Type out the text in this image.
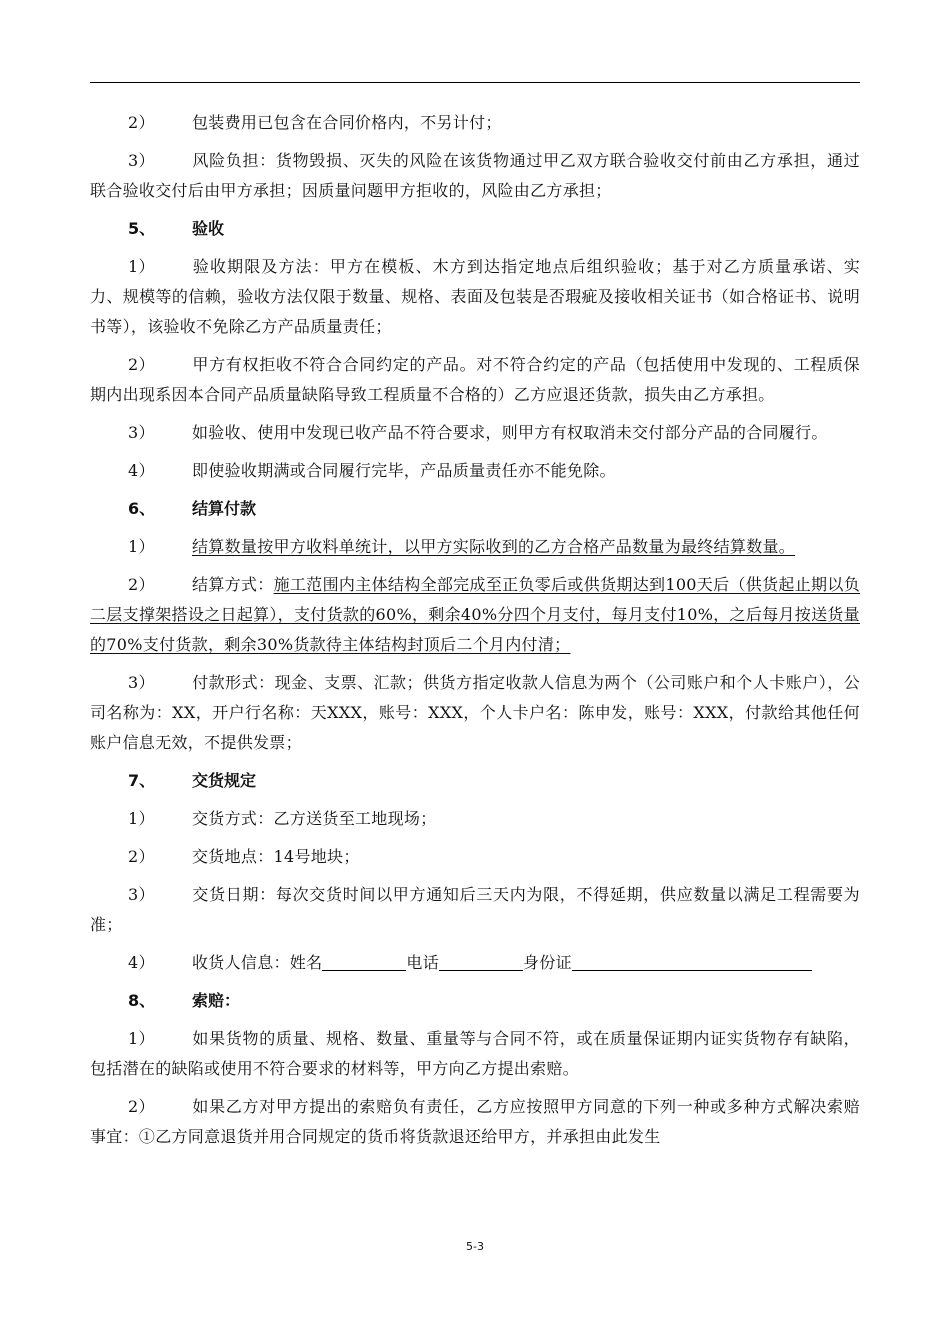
2） 包装费用已包含在合同价格内，不另计付；

3） 风险负担：货物毁损、灭失的风险在该货物通过甲乙双方联合验收交付前由乙方承担，通过联合验收交付后由甲方承担；因质量问题甲方拒收的，风险由乙方承担；

5、 验收

1） 验收期限及方法：甲方在模板、木方到达指定地点后组织验收；基于对乙方质量承诺、实力、规模等的信赖，验收方法仅限于数量、规格、表面及包装是否瑕疵及接收相关证书（如合格证书、说明书等），该验收不免除乙方产品质量责任；

2） 甲方有权拒收不符合合同约定的产品。对不符合约定的产品（包括使用中发现的、工程质保期内出现系因本合同产品质量缺陷导致工程质量不合格的）乙方应退还货款，损失由乙方承担。

3） 如验收、使用中发现已收产品不符合要求，则甲方有权取消未交付部分产品的合同履行。

4） 即使验收期满或合同履行完毕，产品质量责任亦不能免除。

6、 结算付款

1） 结算数量按甲方收料单统计，以甲方实际收到的乙方合格产品数量为最终结算数量。

2） 结算方式：施工范围内主体结构全部完成至正负零后或供货期达到100天后（供货起止期以负二层支撑架搭设之日起算），支付货款的60%，剩余40%分四个月支付，每月支付10%，之后每月按送货量的70%支付货款，剩余30%货款待主体结构封顶后二个月内付清；

3） 付款形式：现金、支票、汇款；供货方指定收款人信息为两个（公司账户和个人卡账户），公司名称为：XX，开户行名称：天XXX，账号：XXX，个人卡户名：陈申发，账号：XXX，付款给其他任何账户信息无效，不提供发票；

7、 交货规定

1） 交货方式：乙方送货至工地现场；

2） 交货地点：14号地块；

3） 交货日期：每次交货时间以甲方通知后三天内为限，不得延期，供应数量以满足工程需要为准；

4） 收货人信息：姓名	电话	身份证

8、 索赔：

1） 如果货物的质量、规格、数量、重量等与合同不符，或在质量保证期内证实货物存有缺陷，包括潜在的缺陷或使用不符合要求的材料等，甲方向乙方提出索赔。

2） 如果乙方对甲方提出的索赔负有责任，乙方应按照甲方同意的下列一种或多种方式解决索赔事宜：①乙方同意退货并用合同规定的货币将货款退还给甲方，并承担由此发生

5-3
